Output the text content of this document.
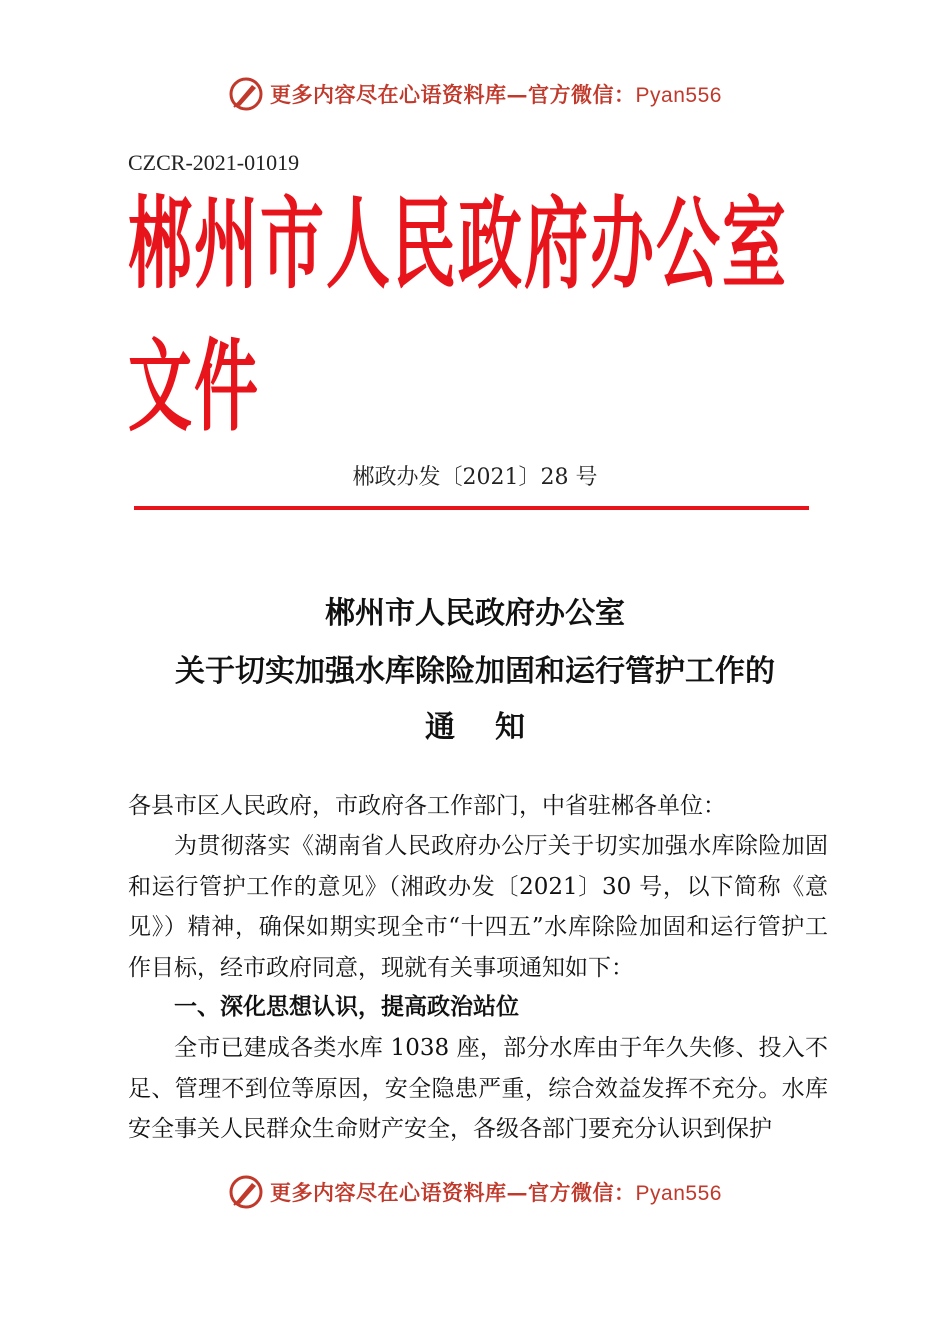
更多内容尽在心语资料库—官方微信：Pyan556
CZCR-2021-01019
郴州市人民政府办公室文件
郴政办发〔2021〕28 号
郴州市人民政府办公室
关于切实加强水库除险加固和运行管护工作的
通知
各县市区人民政府，市政府各工作部门，中省驻郴各单位：
为贯彻落实《湖南省人民政府办公厅关于切实加强水库除险加固和运行管护工作的意见》（湘政办发〔2021〕30 号，以下简称《意见》）精神，确保如期实现全市“十四五”水库除险加固和运行管护工作目标，经市政府同意，现就有关事项通知如下：
一、深化思想认识，提高政治站位
全市已建成各类水库 1038 座，部分水库由于年久失修、投入不足、管理不到位等原因，安全隐患严重，综合效益发挥不充分。水库安全事关人民群众生命财产安全，各级各部门要充分认识到保护
更多内容尽在心语资料库—官方微信：Pyan556
